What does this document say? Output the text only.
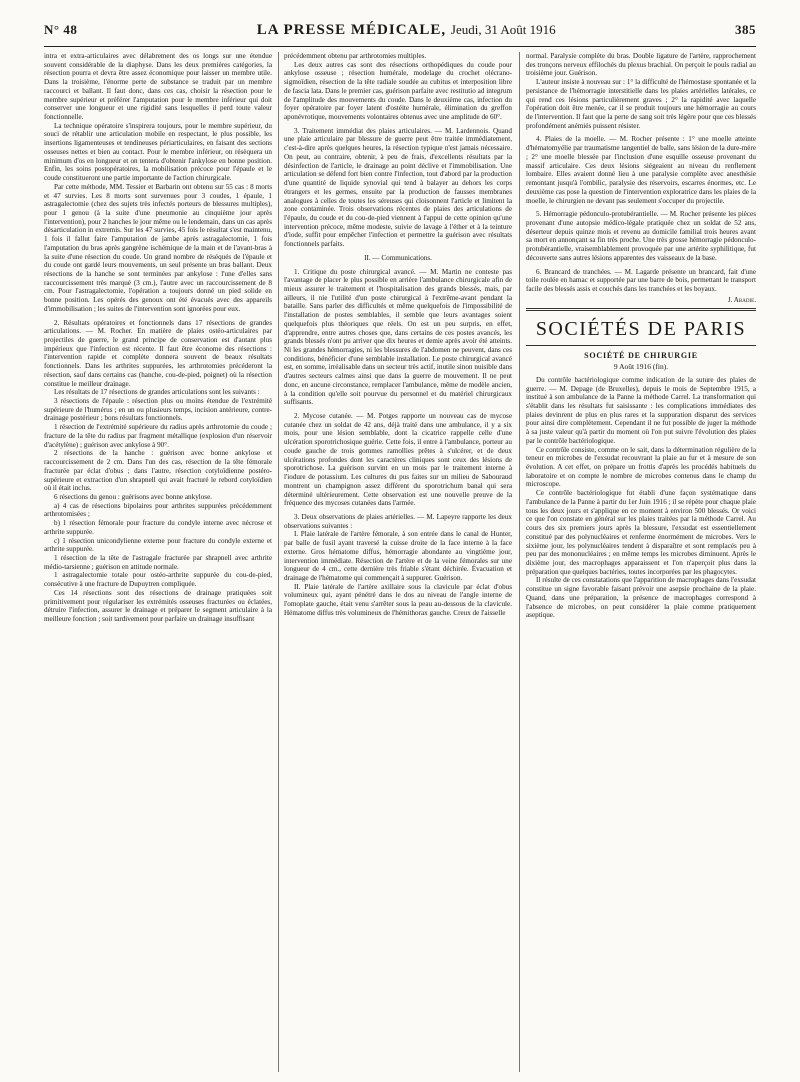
N° 48	LA PRESSE MÉDICALE, Jeudi, 31 Août 1916	385

intra et extra-articulaires avec délabrement des os longs sur une étendue souvent considérable de la diaphyse. Dans les deux premières catégories, la résection pourra et devra être assez économique pour laisser un membre utile. Dans la troisième, l'énorme perte de substance se traduit par un membre raccourci et ballant. Il faut donc, dans ces cas, choisir la résection pour le membre supérieur et préférer l'amputation pour le membre inférieur qui doit conserver une longueur et une rigidité sans lesquelles il perd toute valeur fonctionnelle.

La technique opératoire s'inspirera toujours, pour le membre supérieur, du souci de rétablir une articulation mobile en respectant, le plus possible, les insertions ligamenteuses et tendineuses périarticulaires, en faisant des sections osseuses nettes et bien au contact. Pour le membre inférieur, on résèquera un minimum d'os en longueur et on tentera d'obtenir l'ankylose en bonne position. Enfin, les soins postopératoires, la mobilisation précoce pour l'épaule et le coude constitueront une partie importante de l'action chirurgicale.

Par cette méthode, MM. Tessier et Barbarin ont obtenu sur 55 cas : 8 morts et 47 survies. Les 8 morts sont survenues pour 3 coudes, 1 épaule, 1 astragalectomie (chez des sujets très infectés porteurs de blessures multiples), pour 1 genou (à la suite d'une pneumonie au cinquième jour après l'intervention), pour 2 hanches le jour même ou le lendemain, dans un cas après désarticulation in extremis. Sur les 47 survies, 45 fois le résultat s'est maintenu, 1 fois il fallut faire l'amputation de jambe après astragalectomie, 1 fois l'amputation du bras après gangrène ischémique de la main et de l'avant-bras à la suite d'une résection du coude. Un grand nombre de réséqués de l'épaule et du coude ont gardé leurs mouvements, un seul présente un bras ballant. Deux résections de la hanche se sont terminées par ankylose : l'une d'elles sans raccourcissement très marqué (3 cm.), l'autre avec un raccourcissement de 8 cm. Pour l'astragalectomie, l'opération a toujours donné un pied solide en bonne position. Les opérés des genoux ont été évacués avec des appareils d'immobilisation ; les suites de l'intervention sont ignorées pour eux.

2. Résultats opératoires et fonctionnels dans 17 résections de grandes articulations. — M. Rocher. En matière de plaies ostéo-articulaires par projectiles de guerre, le grand principe de conservation est d'autant plus impérieux que l'infection est récente. Il faut être économe des résections : l'intervention rapide et complète donnera souvent de beaux résultats fonctionnels. Dans les arthrites suppurées, les arthrotomies précéderont la résection, sauf dans certains cas (hanche, cou-de-pied, poignet) où la résection constitue le meilleur drainage.

Les résultats de 17 résections de grandes articulations sont les suivants :

3 résections de l'épaule : résection plus ou moins étendue de l'extrémité supérieure de l'humérus ; en un ou plusieurs temps, incision antérieure, contre-drainage postérieur ; bons résultats fonctionnels.

1 résection de l'extrémité supérieure du radius après arthrotomie du coude ; fracture de la tête du radius par fragment métallique (explosion d'un réservoir d'acétylène) ; guérison avec ankylose à 90°.

2 résections de la hanche : guérison avec bonne ankylose et raccourcissement de 2 cm. Dans l'un des cas, résection de la tête fémorale fracturée par éclat d'obus ; dans l'autre, résection cotyloïdienne postéro-supérieure et extraction d'un shrapnell qui avait fracturé le rebord cotyloïdien où il était inclus.

6 résections du genou : guérisons avec bonne ankylose.

a) 4 cas de résections bipolaires pour arthrites suppurées précédemment arthrotomisées ;

b) 1 résection fémorale pour fracture du condyle interne avec nécrose et arthrite suppurée.

c) 1 résection unicondylienne externe pour fracture du condyle externe et arthrite suppurée.

1 résection de la tête de l'astragale fracturée par shrapnell avec arthrite médio-tarsienne ; guérison en attitude normale.

1 astragalectomie totale pour ostéo-arthrite suppurée du cou-de-pied, consécutive à une fracture de Dupuytren compliquée.

Ces 14 résections sont des résections de drainage pratiquées soit primitivement pour régulariser les extrémités osseuses fracturées ou éclatées, détruire l'infection, assurer le drainage et préparer le segment articulaire à la meilleure fonction ; soit tardivement pour parfaire un drainage insuffisant

précédemment obtenu par arthrotomies multiples.

Les deux autres cas sont des résections orthopédiques du coude pour ankylose osseuse ; résection humérale, modelage du crochet olécrano-sigmoïdien, résection de la tête radiale soudée au cubitus et interposition libre de fascia lata. Dans le premier cas, guérison parfaite avec restitutio ad integrum de l'amplitude des mouvements du coude. Dans le deuxième cas, infection du foyer opératoire par foyer latent d'ostéite humérale, élimination du greffon aponévrotique, mouvements volontaires obtenus avec une amplitude de 60°.

3. Traitement immédiat des plaies articulaires. — M. Lardennois. Quand une plaie articulaire par blessure de guerre peut être traitée immédiatement, c'est-à-dire après quelques heures, la résection typique n'est jamais nécessaire. On peut, au contraire, obtenir, à peu de frais, d'excellents résultats par la désinfection de l'article, le drainage au point déclive et l'immobilisation. Une articulation se défend fort bien contre l'infection, tout d'abord par la production d'une quantité de liquide synovial qui tend à balayer au dehors les corps étrangers et les germes, ensuite par la production de fausses membranes analogues à celles de toutes les séreuses qui cloisonnent l'article et limitent la zone contaminée. Trois observations récentes de plaies des articulations de l'épaule, du coude et du cou-de-pied viennent à l'appui de cette opinion qu'une intervention précoce, même modeste, suivie de lavage à l'éther et à la teinture d'iode, suffit pour empêcher l'infection et permettre la guérison avec résultats fonctionnels parfaits.

II. — Communications.

1. Critique du poste chirurgical avancé. — M. Martin ne conteste pas l'avantage de placer le plus possible en arrière l'ambulance chirurgicale afin de mieux assurer le traitement et l'hospitalisation des grands blessés, mais, par ailleurs, il nie l'utilité d'un poste chirurgical à l'extrême-avant pendant la bataille. Sans parler des difficultés et même quelquefois de l'impossibilité de l'installation de postes semblables, il semble que leurs avantages soient quelquefois plus théoriques que réels. On est un peu surpris, en effet, d'apprendre, entre autres choses que, dans certains de ces postes avancés, les grands blessés n'ont pu arriver que dix heures et demie après avoir été atteints. Ni les grandes hémorragies, ni les blessures de l'abdomen ne peuvent, dans ces conditions, bénéficier d'une semblable installation. Le poste chirurgical avancé est, en somme, irréalisable dans un secteur très actif, inutile sinon nuisible dans d'autres secteurs calmes ainsi que dans la guerre de mouvement. Il ne peut donc, en aucune circonstance, remplacer l'ambulance, même de modèle ancien, à la condition qu'elle soit pourvue du personnel et du matériel chirurgicaux suffisants.

2. Mycose cutanée. — M. Potges rapporte un nouveau cas de mycose cutanée chez un soldat de 42 ans, déjà traité dans une ambulance, il y a six mois, pour une lésion semblable, dont la cicatrice rappelle celle d'une ulcération sporotrichosique guérie. Cette fois, il entre à l'ambulance, porteur au coude gauche de trois gommes ramollies prêtes à s'ulcérer, et de deux ulcérations profondes dont les caractères cliniques sont ceux des lésions de sporotrichose. La guérison survint en un mois par le traitement interne à l'iodure de potassium. Les cultures du pus faites sur un milieu de Sabouraud montrent un champignon assez différent du sporotrichum banal qui sera déterminé ultérieurement. Cette observation est une nouvelle preuve de la fréquence des mycoses cutanées dans l'armée.

3. Deux observations de plaies artérielles. — M. Lapeyre rapporte les deux observations suivantes :

I. Plaie latérale de l'artère fémorale, à son entrée dans le canal de Hunter, par balle de fusil ayant traversé la cuisse droite de la face interne à la face externe. Gros hématome diffus, hémorragie abondante au vingtième jour, intervention immédiate. Résection de l'artère et de la veine fémorales sur une longueur de 4 cm., cette dernière très friable s'étant déchirée. Évacuation et drainage de l'hématome qui commençait à suppurer. Guérison.

II. Plaie latérale de l'artère axillaire sous la clavicule par éclat d'obus volumineux qui, ayant pénétré dans le dos au niveau de l'angle interne de l'omoplate gauche, était venu s'arrêter sous la peau au-dessous de la clavicule. Hématome diffus très volumineux de l'hémithorax gauche. Creux de l'aisselle

normal. Paralysie complète du bras. Double ligature de l'artère, rapprochement des tronçons nerveux effilochés du plexus brachial. On perçoit le pouls radial au troisième jour. Guérison.

L'auteur insiste à nouveau sur : 1° la difficulté de l'hémostase spontanée et la persistance de l'hémorragie interstitielle dans les plaies artérielles latérales, ce qui rend ces lésions particulièrement graves ; 2° la rapidité avec laquelle l'opération doit être menée, car il se produit toujours une hémorragie au cours de l'intervention. Il faut que la perte de sang soit très légère pour que ces blessés profondément anémiés puissent résister.

4. Plaies de la moelle. — M. Rocher présente : 1° une moelle atteinte d'hématomyélie par traumatisme tangentiel de balle, sans lésion de la dure-mère ; 2° une moelle blessée par l'inclusion d'une esquille osseuse provenant du massif articulaire. Ces deux lésions siégeaient au niveau du renflement lombaire. Elles avaient donné lieu à une paralysie complète avec anesthésie remontant jusqu'à l'ombilic, paralysie des réservoirs, escarres énormes, etc. Le deuxième cas pose la question de l'intervention exploratrice dans les plaies de la moelle, le chirurgien ne devant pas seulement s'occuper du projectile.

5. Hémorragie pédonculo-protubérantielle. — M. Rocher présente les pièces provenant d'une autopsie médico-légale pratiquée chez un soldat de 52 ans, déserteur depuis quinze mois et revenu au domicile familial trois heures avant sa mort en annonçant sa fin très proche. Une très grosse hémorragie pédonculo-protubérantielle, vraisemblablement provoquée par une artérite syphilitique, fut découverte sans autres lésions apparentes des vaisseaux de la base.

6. Brancard de tranchées. — M. Lagarde présente un brancard, fait d'une toile roulée en hamac et supportée par une barre de bois, permettant le transport facile des blessés assis et couchés dans les tranchées et les boyaux.

J. Abadie.

SOCIÉTÉS DE PARIS
SOCIÉTÉ DE CHIRURGIE
9 Août 1916 (fin).

Du contrôle bactériologique comme indication de la suture des plaies de guerre. — M. Depage (de Bruxelles), depuis le mois de Septembre 1915, a institué à son ambulance de la Panne la méthode Carrel. La transformation qui s'établit dans les résultats fut saisissante : les complications immédiates des plaies devinrent de plus en plus rares et la suppuration disparut des services pour ainsi dire complètement. Cependant il ne fut possible de juger la méthode à sa juste valeur qu'à partir du moment où l'on put suivre l'évolution des plaies par le contrôle bactériologique.

Ce contrôle consiste, comme on le sait, dans la détermination régulière de la teneur en microbes de l'exsudat recouvrant la plaie au fur et à mesure de son évolution. A cet effet, on prépare un frottis d'après les procédés habituels du laboratoire et on compte le nombre de microbes contenus dans le champ du microscope.

Ce contrôle bactériologique fut établi d'une façon systématique dans l'ambulance de la Panne à partir du 1er Juin 1916 ; il se répète pour chaque plaie tous les deux jours et s'applique en ce moment à environ 500 blessés. Or voici ce que l'on constate en général sur les plaies traitées par la méthode Carrel. Au cours des six premiers jours après la blessure, l'exsudat est essentiellement constitué par des polynucléaires et renferme énormément de microbes. Vers le sixième jour, les polynucléaires tendent à disparaître et sont remplacés peu à peu par des mononucléaires ; en même temps les microbes diminuent. Après le dixième jour, des macrophages apparaissent et l'on n'aperçoit plus dans la préparation que quelques bactéries, toutes incorporées par les phagocytes.

Il résulte de ces constatations que l'apparition de macrophages dans l'exsudat constitue un signe favorable faisant prévoir une asepsie prochaine de la plaie. Quand, dans une préparation, la présence de macrophages correspond à l'absence de microbes, on peut considérer la plaie comme pratiquement aseptique.
